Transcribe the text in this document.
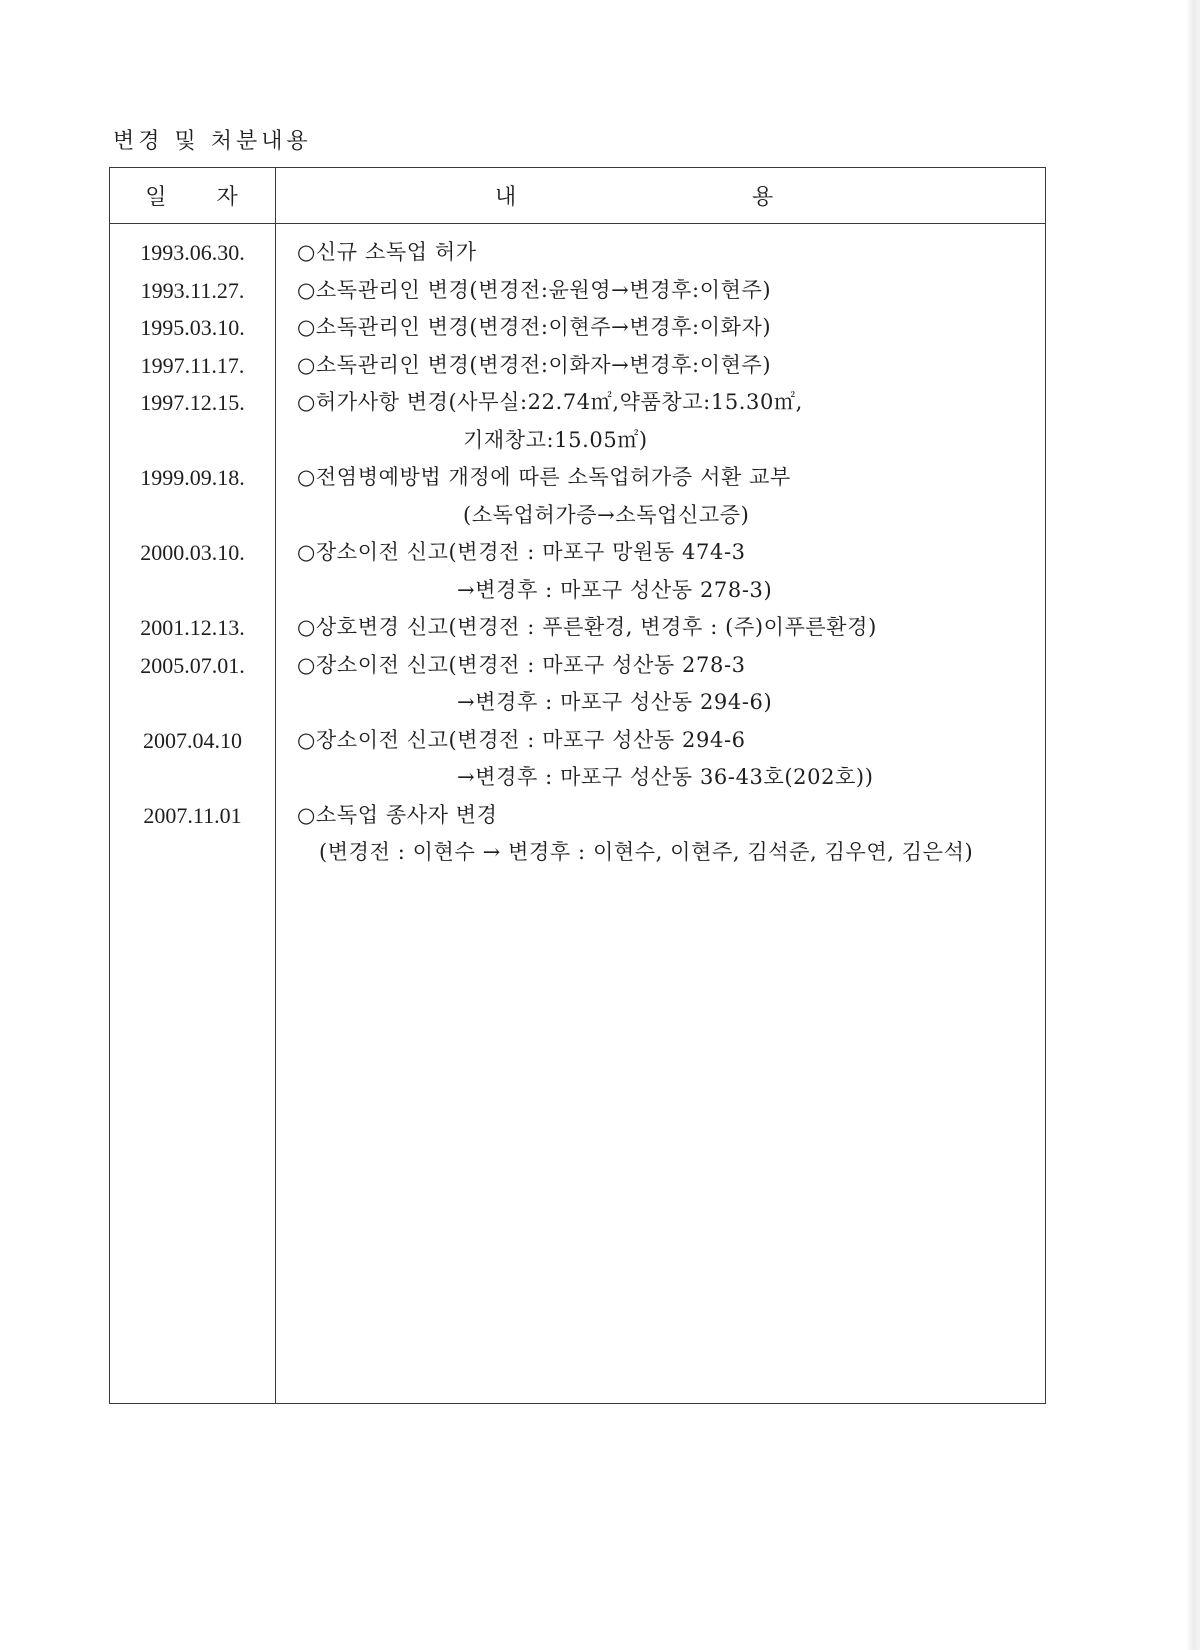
변경 및 처분내용
일　　자	내	용
1993.06.30.	○신규 소독업 허가
1993.11.27.	○소독관리인 변경(변경전:윤원영→변경후:이현주)
1995.03.10.	○소독관리인 변경(변경전:이현주→변경후:이화자)
1997.11.17.	○소독관리인 변경(변경전:이화자→변경후:이현주)
1997.12.15.	○허가사항 변경(사무실:22.74㎡,약품창고:15.30㎡,
기재창고:15.05㎡)
1999.09.18.	○전염병예방법 개정에 따른 소독업허가증 서환 교부
(소독업허가증→소독업신고증)
2000.03.10.	○장소이전 신고(변경전 : 마포구 망원동 474-3
→변경후 : 마포구 성산동 278-3)
2001.12.13.	○상호변경 신고(변경전 : 푸른환경, 변경후 : (주)이푸른환경)
2005.07.01.	○장소이전 신고(변경전 : 마포구 성산동 278-3
→변경후 : 마포구 성산동 294-6)
2007.04.10	○장소이전 신고(변경전 : 마포구 성산동 294-6
→변경후 : 마포구 성산동 36-43호(202호))
2007.11.01	○소독업 종사자 변경
(변경전 : 이현수 → 변경후 : 이현수, 이현주, 김석준, 김우연, 김은석)
